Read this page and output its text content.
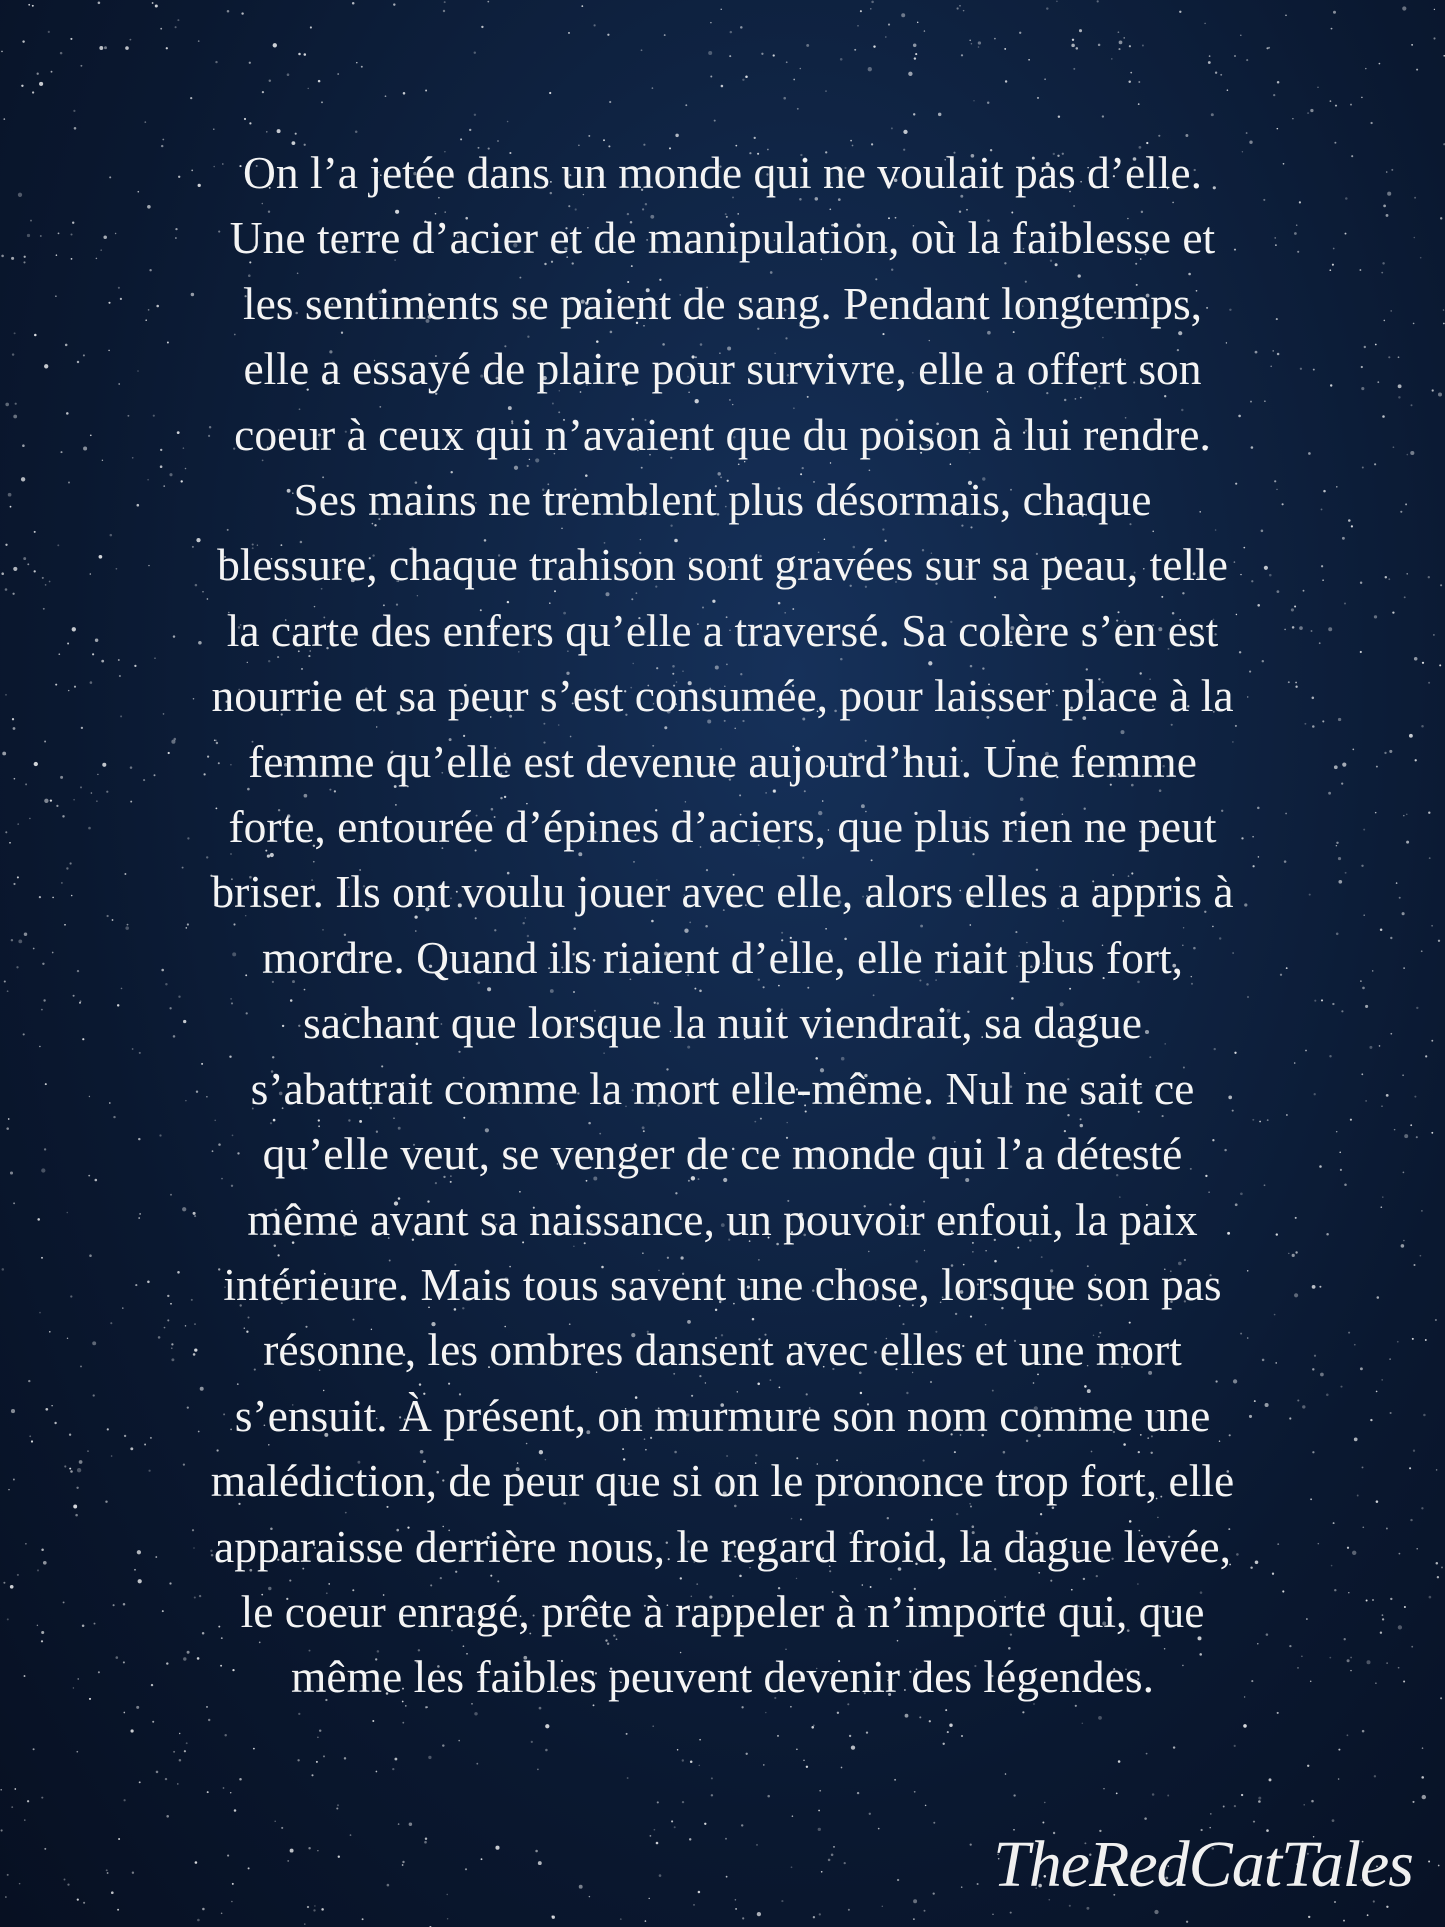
On l’a jetée dans un monde qui ne voulait pas d’elle.
Une terre d’acier et de manipulation, où la faiblesse et
les sentiments se paient de sang. Pendant longtemps,
elle a essayé de plaire pour survivre, elle a offert son
coeur à ceux qui n’avaient que du poison à lui rendre.
Ses mains ne tremblent plus désormais, chaque
blessure, chaque trahison sont gravées sur sa peau, telle
la carte des enfers qu’elle a traversé. Sa colère s’en est
nourrie et sa peur s’est consumée, pour laisser place à la
femme qu’elle est devenue aujourd’hui. Une femme
forte, entourée d’épines d’aciers, que plus rien ne peut
briser. Ils ont voulu jouer avec elle, alors elles a appris à
mordre. Quand ils riaient d’elle, elle riait plus fort,
sachant que lorsque la nuit viendrait, sa dague
s’abattrait comme la mort elle-même. Nul ne sait ce
qu’elle veut, se venger de ce monde qui l’a détesté
même avant sa naissance, un pouvoir enfoui, la paix
intérieure. Mais tous savent une chose, lorsque son pas
résonne, les ombres dansent avec elles et une mort
s’ensuit. À présent, on murmure son nom comme une
malédiction, de peur que si on le prononce trop fort, elle
apparaisse derrière nous, le regard froid, la dague levée,
le coeur enragé, prête à rappeler à n’importe qui, que
même les faibles peuvent devenir des légendes.
TheRedCatTales
